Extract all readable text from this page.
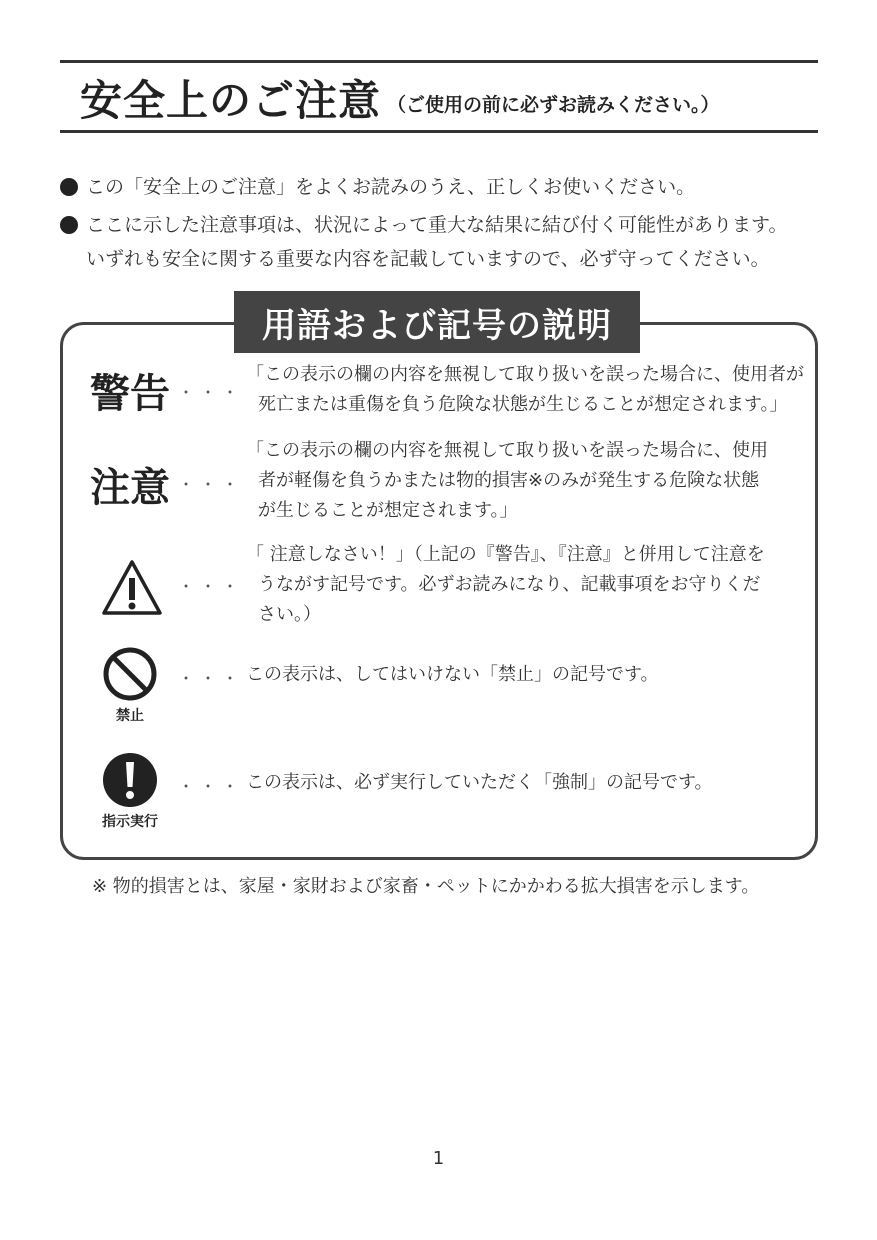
安全上のご注意 （ご使用の前に必ずお読みください。）
この「安全上のご注意」をよくお読みのうえ、正しくお使いください。
ここに示した注意事項は、状況によって重大な結果に結び付く可能性があります。
いずれも安全に関する重要な内容を記載していますので、必ず守ってください。
用語および記号の説明
警告 ・・・
「この表示の欄の内容を無視して取り扱いを誤った場合に、使用者が
死亡または重傷を負う危険な状態が生じることが想定されます。」
注意 ・・・
「この表示の欄の内容を無視して取り扱いを誤った場合に、使用
者が軽傷を負うかまたは物的損害※のみが発生する危険な状態
が生じることが想定されます。」
・・・
「 注意しなさい！」（上記の『警告』、『注意』と併用して注意を
うながす記号です。必ずお読みになり、記載事項をお守りくだ
さい。）
禁止
・・・ この表示は、してはいけない「禁止」の記号です。
指示実行
・・・ この表示は、必ず実行していただく「強制」の記号です。
※ 物的損害とは、家屋・家財および家畜・ペットにかかわる拡大損害を示します。
1
